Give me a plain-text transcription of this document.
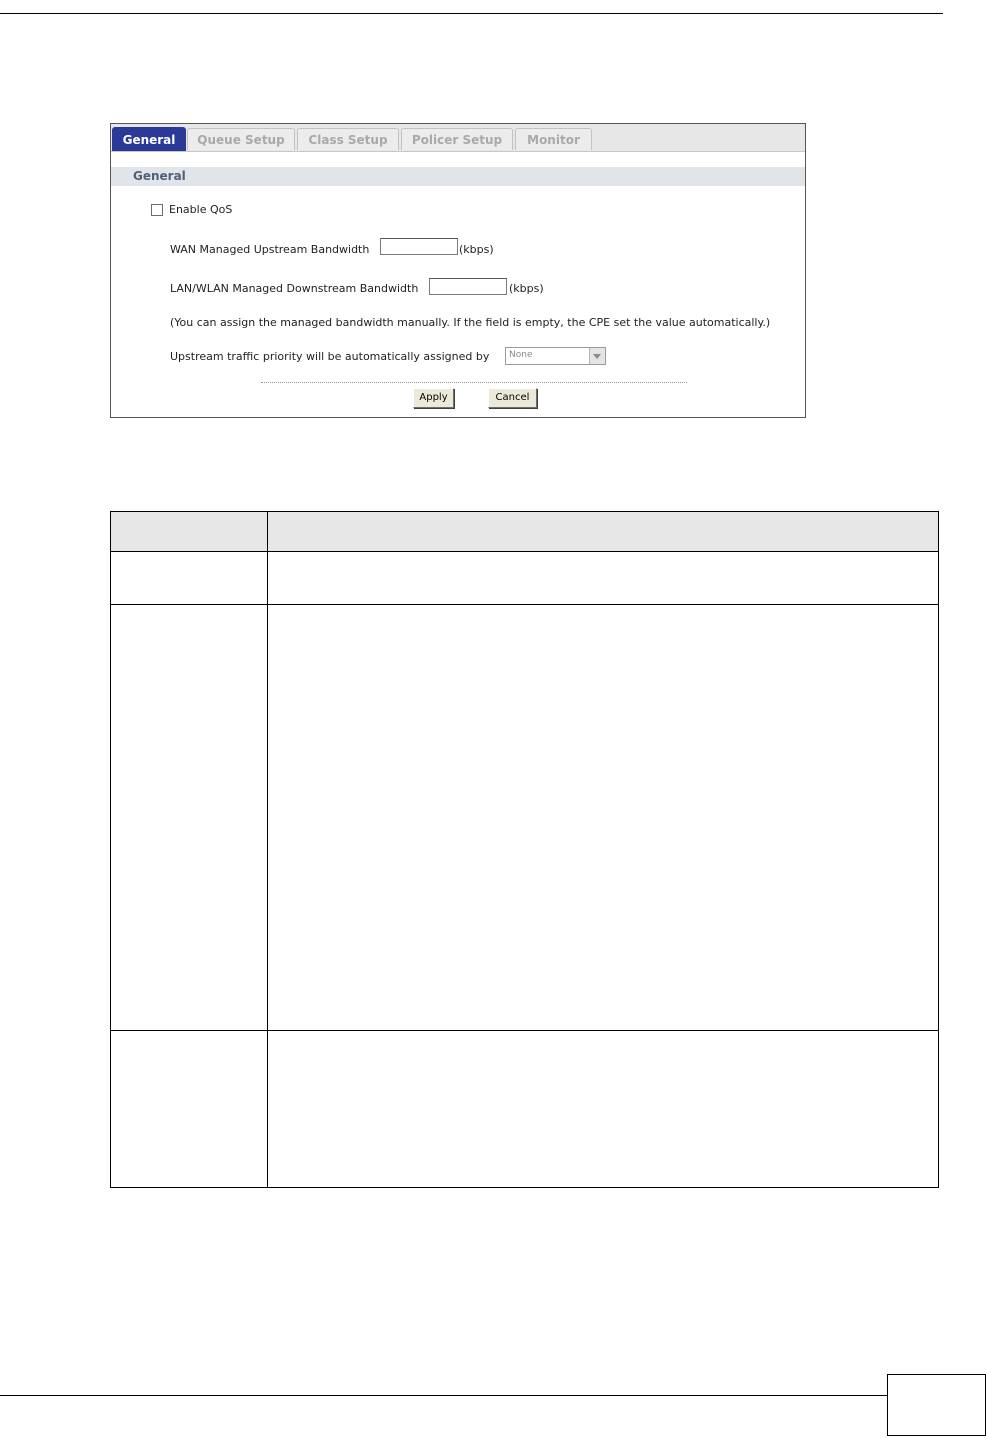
General	Queue Setup	Class Setup	Policer Setup	Monitor
General
Enable QoS
WAN Managed Upstream Bandwidth	(kbps)
LAN/WLAN Managed Downstream Bandwidth	(kbps)
(You can assign the managed bandwidth manually. If the field is empty, the CPE set the value automatically.)
Upstream traffic priority will be automatically assigned by None
Apply	Cancel
